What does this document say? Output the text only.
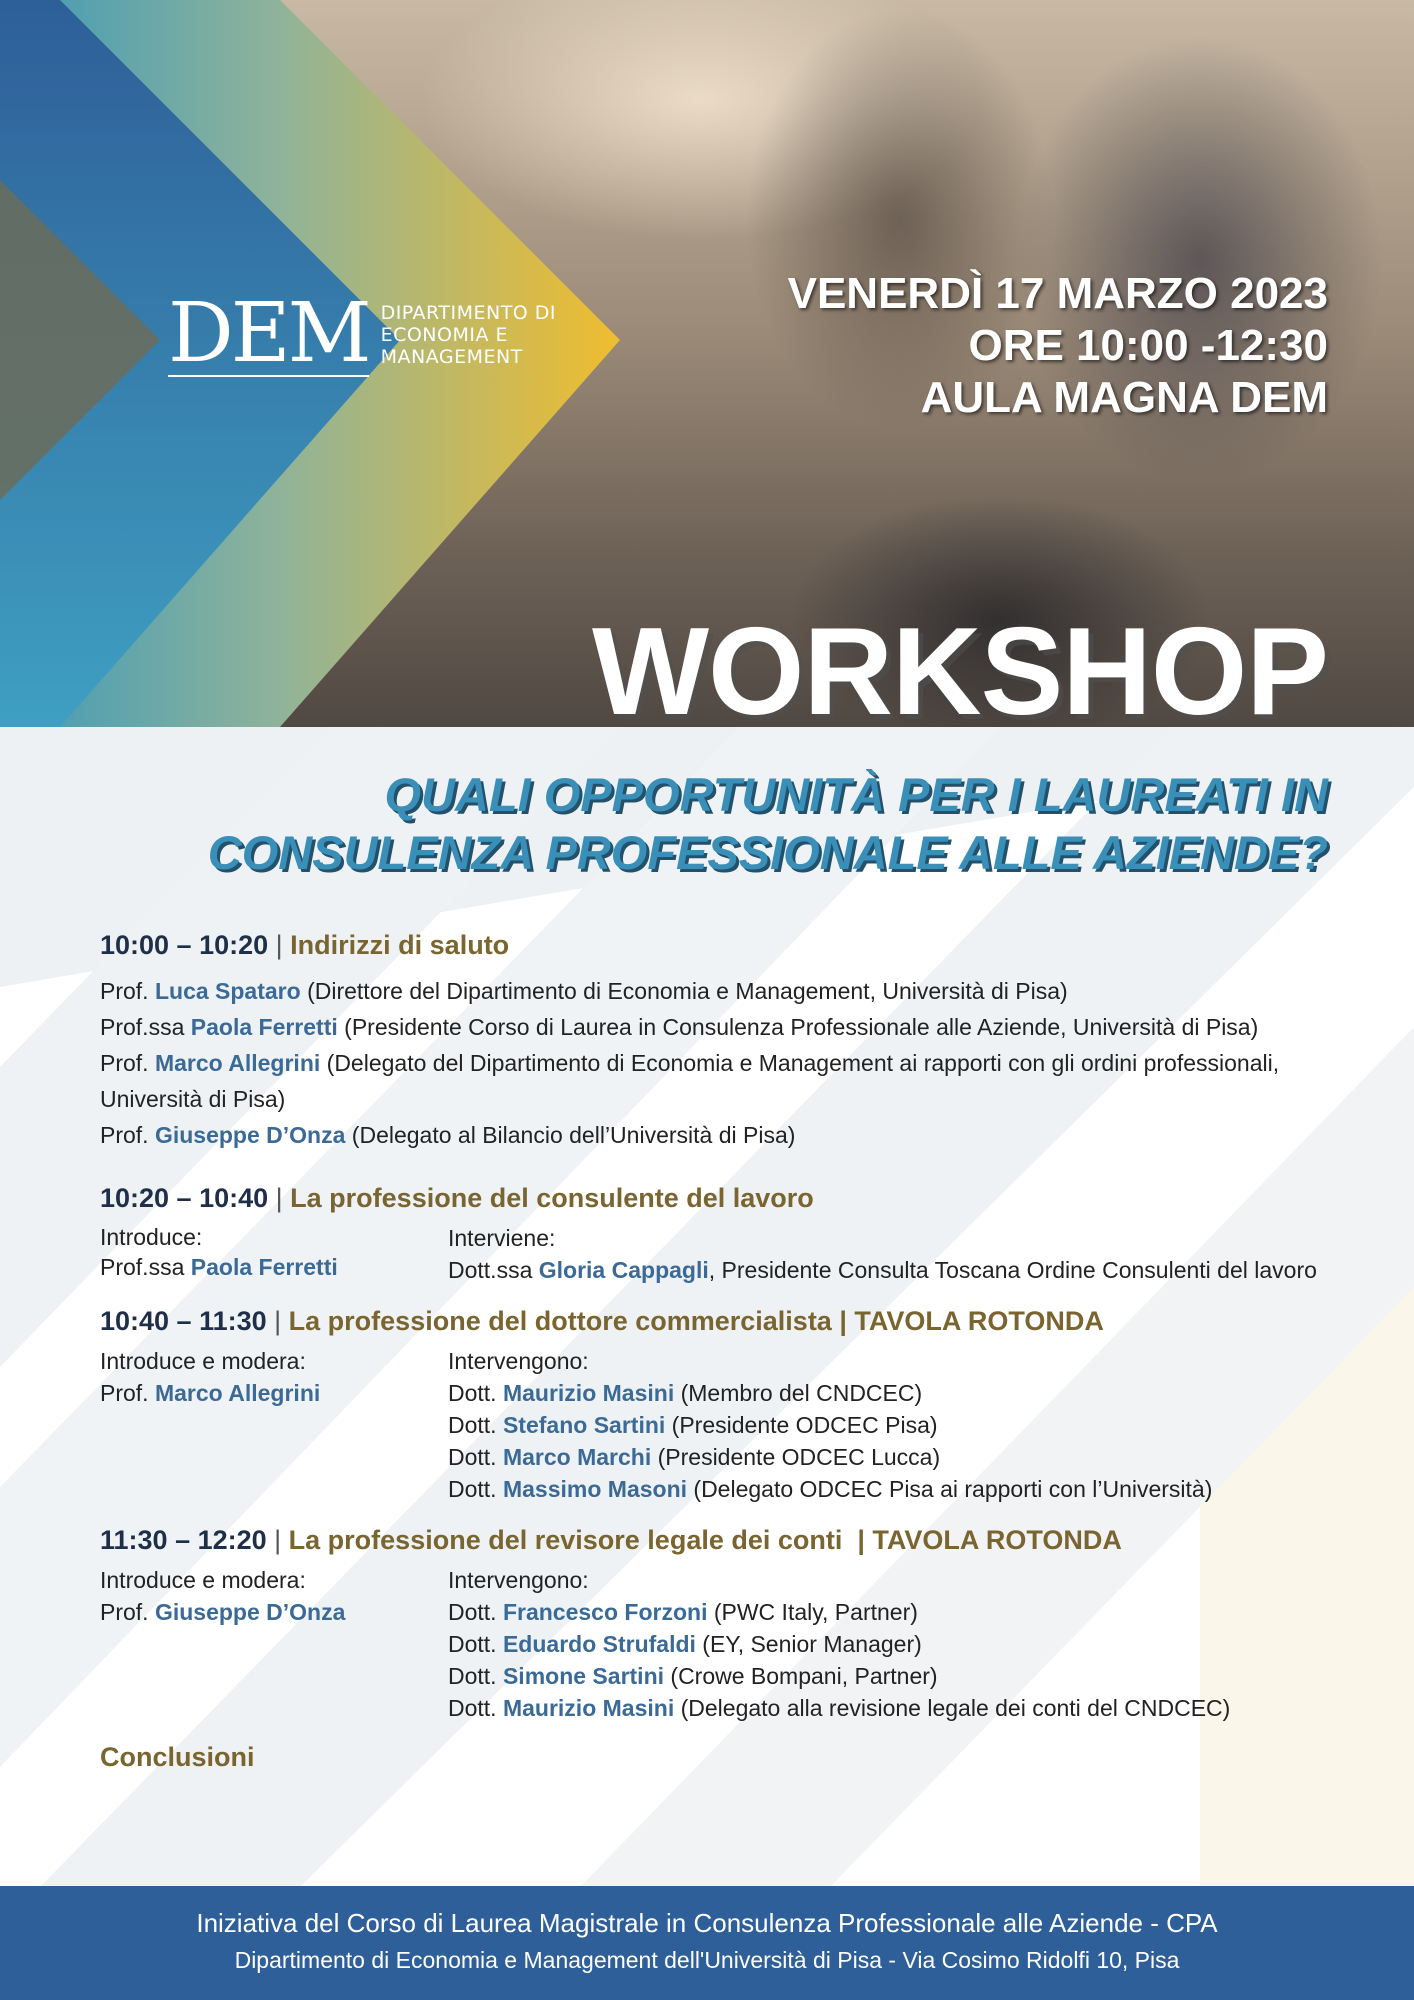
DEM DIPARTIMENTO DI
ECONOMIA E
MANAGEMENT
VENERDÌ 17 MARZO 2023
ORE 10:00 -12:30
AULA MAGNA DEM
WORKSHOP
QUALI OPPORTUNITÀ PER I LAUREATI IN
CONSULENZA PROFESSIONALE ALLE AZIENDE?
10:00 – 10:20 | Indirizzi di saluto
Prof. Luca Spataro (Direttore del Dipartimento di Economia e Management, Università di Pisa)
Prof.ssa Paola Ferretti (Presidente Corso di Laurea in Consulenza Professionale alle Aziende, Università di Pisa)
Prof. Marco Allegrini (Delegato del Dipartimento di Economia e Management ai rapporti con gli ordini professionali, Università di Pisa)
Prof. Giuseppe D’Onza (Delegato al Bilancio dell’Università di Pisa)
10:20 – 10:40 | La professione del consulente del lavoro
Introduce:
Prof.ssa Paola Ferretti
Interviene:
Dott.ssa Gloria Cappagli, Presidente Consulta Toscana Ordine Consulenti del lavoro
10:40 – 11:30 | La professione del dottore commercialista | TAVOLA ROTONDA
Introduce e modera:
Prof. Marco Allegrini
Intervengono:
Dott. Maurizio Masini (Membro del CNDCEC)
Dott. Stefano Sartini (Presidente ODCEC Pisa)
Dott. Marco Marchi (Presidente ODCEC Lucca)
Dott. Massimo Masoni (Delegato ODCEC Pisa ai rapporti con l’Università)
11:30 – 12:20 | La professione del revisore legale dei conti  | TAVOLA ROTONDA
Introduce e modera:
Prof. Giuseppe D’Onza
Intervengono:
Dott. Francesco Forzoni (PWC Italy, Partner)
Dott. Eduardo Strufaldi (EY, Senior Manager)
Dott. Simone Sartini (Crowe Bompani, Partner)
Dott. Maurizio Masini (Delegato alla revisione legale dei conti del CNDCEC)
Conclusioni
Iniziativa del Corso di Laurea Magistrale in Consulenza Professionale alle Aziende - CPA
Dipartimento di Economia e Management dell'Università di Pisa - Via Cosimo Ridolfi 10, Pisa
